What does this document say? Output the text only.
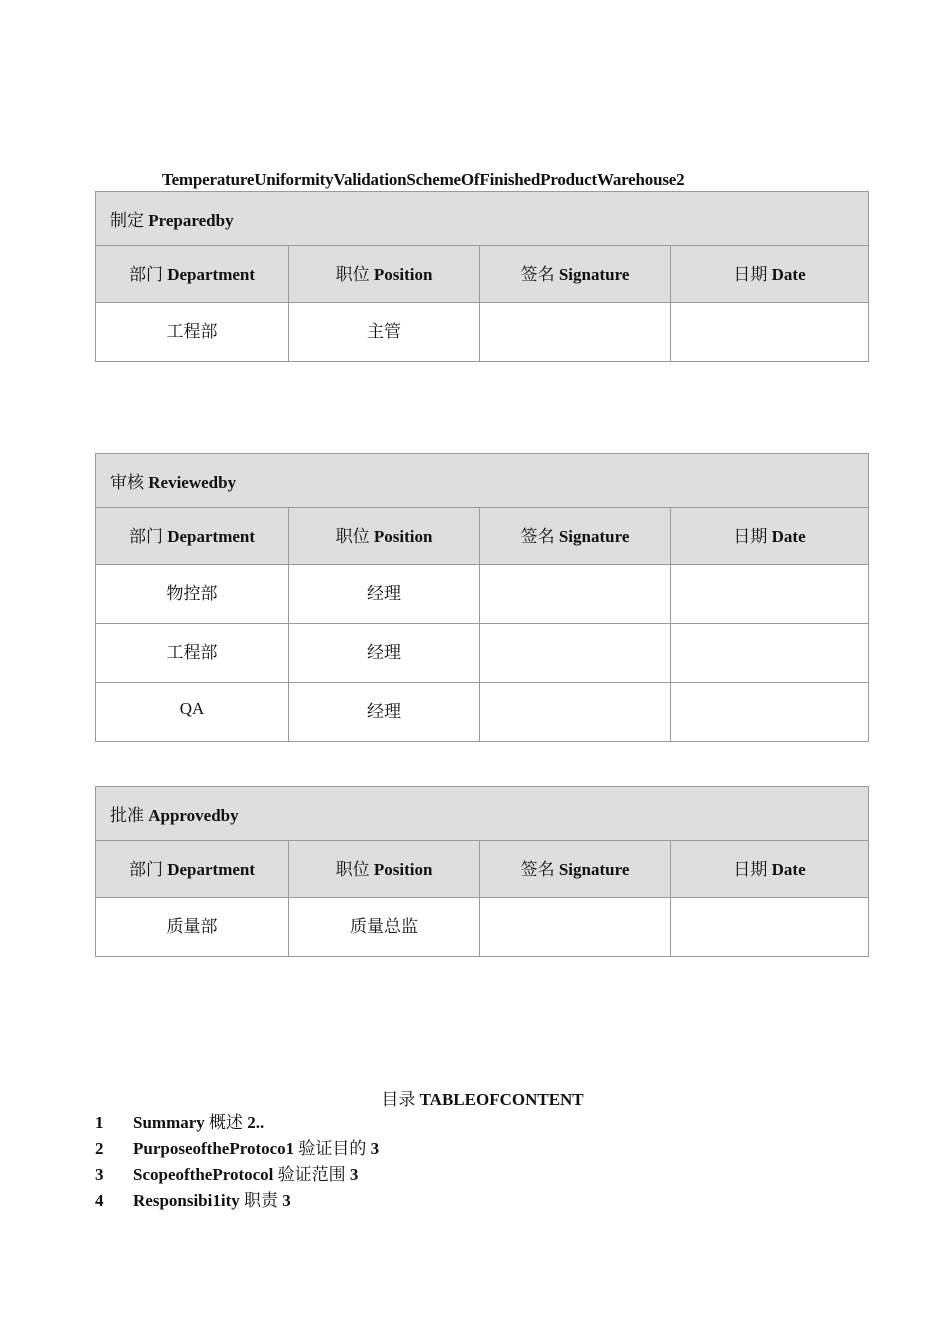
TemperatureUniformityValidationSchemeOfFinishedProductWarehouse2
制定 Preparedby			
部门 Department	职位 Position	签名 Signature	日期 Date
工程部	主管		
审核 Reviewedby			
部门 Department	职位 Position	签名 Signature	日期 Date
物控部	经理		
工程部	经理		
QA	经理		
批准 Approvedby			
部门 Department	职位 Position	签名 Signature	日期 Date
质量部	质量总监		
目录 TABLEOFCONTENT
1 Summary 概述 2..
2 PurposeoftheProtoco1 验证目的 3
3 ScopeoftheProtocol 验证范围 3
4 Responsibi1ity 职责 3
